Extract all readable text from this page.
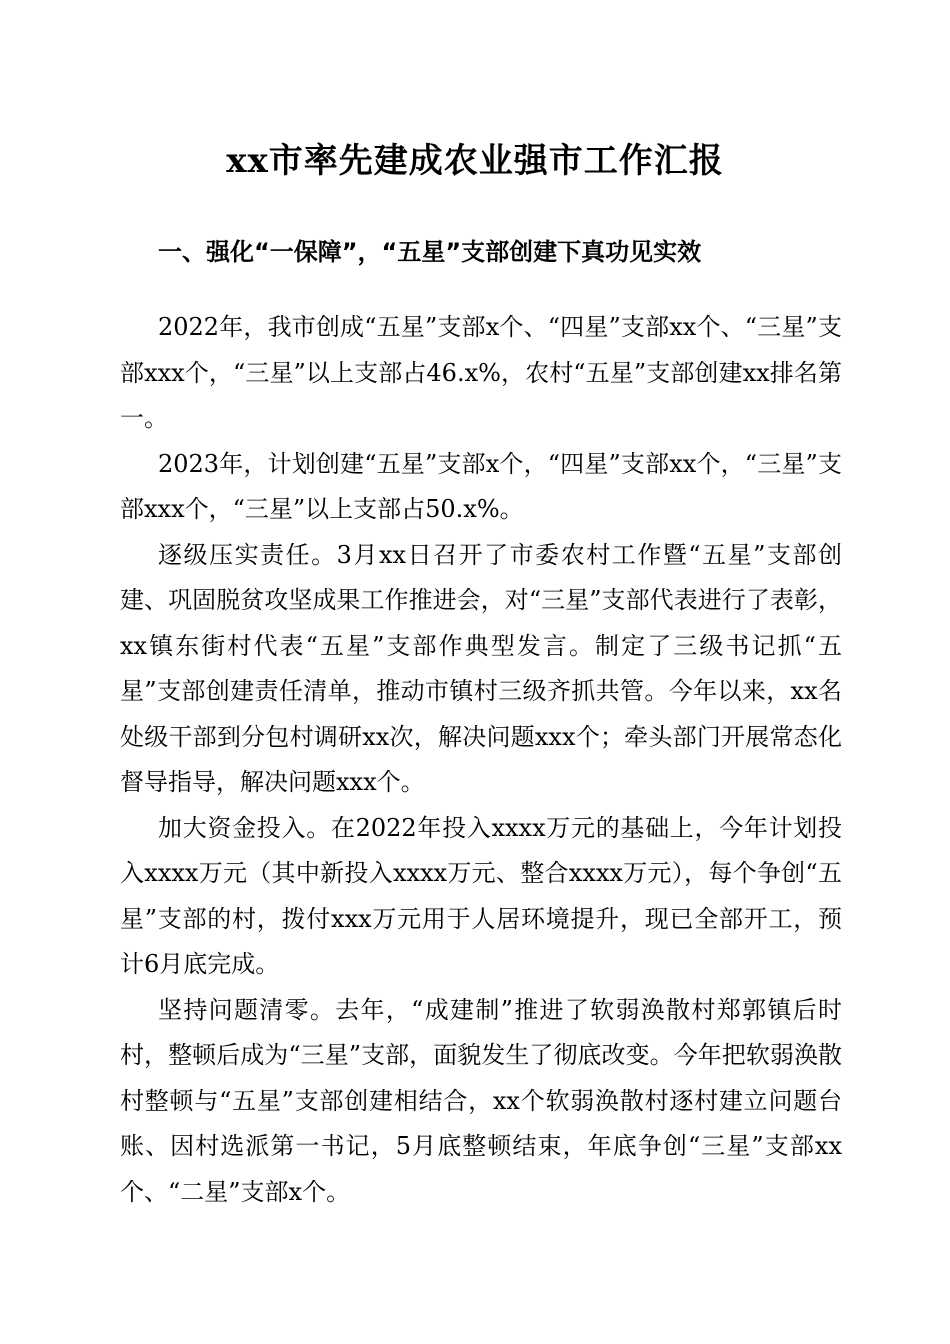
xx市率先建成农业强市工作汇报
一、强化“一保障”，“五星”支部创建下真功见实效

2022年，我市创成“五星”支部x个、“四星”支部xx个、“三星”支部xxx个，“三星”以上支部占46.x%，农村“五星”支部创建xx排名第一。

2023年，计划创建“五星”支部x个，“四星”支部xx个，“三星”支部xxx个，“三星”以上支部占50.x%。

逐级压实责任。3月xx日召开了市委农村工作暨“五星”支部创建、巩固脱贫攻坚成果工作推进会，对“三星”支部代表进行了表彰，xx镇东街村代表“五星”支部作典型发言。制定了三级书记抓“五星”支部创建责任清单，推动市镇村三级齐抓共管。今年以来，xx名处级干部到分包村调研xx次，解决问题xxx个；牵头部门开展常态化督导指导，解决问题xxx个。

加大资金投入。在2022年投入xxxx万元的基础上，今年计划投入xxxx万元（其中新投入xxxx万元、整合xxxx万元），每个争创“五星”支部的村，拨付xxx万元用于人居环境提升，现已全部开工，预计6月底完成。

坚持问题清零。去年，“成建制”推进了软弱涣散村郑郭镇后时村，整顿后成为“三星”支部，面貌发生了彻底改变。今年把软弱涣散村整顿与“五星”支部创建相结合，xx个软弱涣散村逐村建立问题台账、因村选派第一书记，5月底整顿结束，年底争创“三星”支部xx个、“二星”支部x个。
